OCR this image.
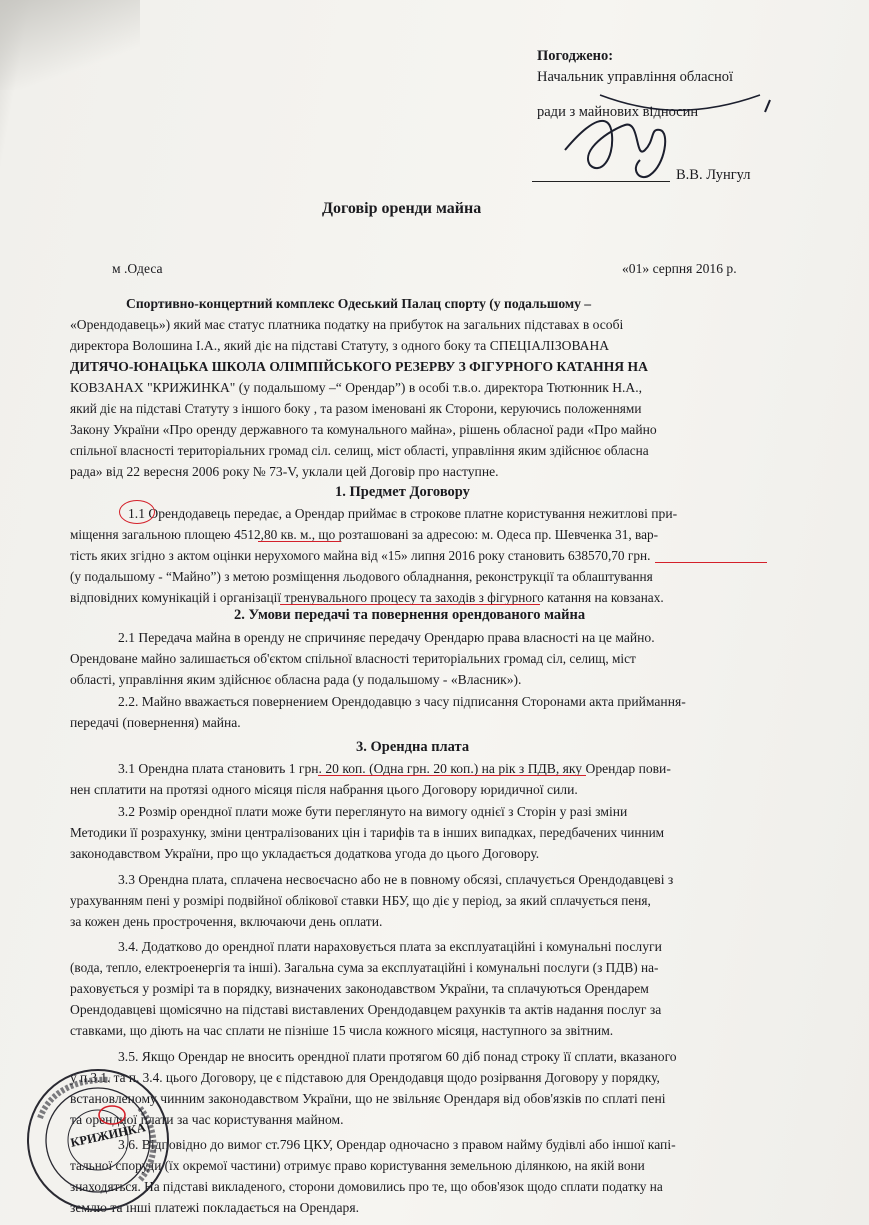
Погоджено:
Начальник управління обласної
ради з майнових відносин
В.В. Лунгул
Договір оренди майна
м .Одеса	«01» серпня 2016 р.
Спортивно-концертний комплекс Одеський Палац спорту (у подальшому –
«Орендодавець») який має статус платника податку на прибуток на загальних підставах в особі
директора Волошина І.А., який діє на підставі Статуту, з одного боку та СПЕЦІАЛІЗОВАНА
ДИТЯЧО-ЮНАЦЬКА ШКОЛА ОЛІМПІЙСЬКОГО РЕЗЕРВУ З ФІГУРНОГО КАТАННЯ НА
КОВЗАНАХ "КРИЖИНКА" (у подальшому –“ Орендар”) в особі т.в.о. директора Тютюнник Н.А.,
який діє на підставі Статуту з іншого боку , та разом іменовані як Сторони, керуючись положеннями
Закону України «Про оренду державного та комунального майна», рішень обласної ради «Про майно
спільної власності територіальних громад сіл. селищ, міст області, управління яким здійснює обласна
рада» від 22 вересня 2006 року № 73-V, уклали цей Договір про наступне.
1. Предмет Договору
1.1 Орендодавець передає, а Орендар приймає в строкове платне користування нежитлові при-
міщення загальною площею 4512,80 кв. м., що розташовані за адресою: м. Одеса пр. Шевченка 31, вар-
тість яких згідно з актом оцінки нерухомого майна від «15» липня 2016 року становить 638570,70 грн.
(у подальшому - “Майно”) з метою розміщення льодового обладнання, реконструкції та облаштування
відповідних комунікацій і організації тренувального процесу та заходів з фігурного катання на ковзанах.
2. Умови передачі та повернення орендованого майна
2.1 Передача майна в оренду не спричиняє передачу Орендарю права власності на це майно.
Орендоване майно залишається об'єктом спільної власності територіальних громад сіл, селищ, міст
області, управління яким здійснює обласна рада (у подальшому - «Власник»).
2.2. Майно вважається повернением Орендодавцю з часу підписання Сторонами акта приймання-
передачі (повернення) майна.
3. Орендна плата
3.1 Орендна плата становить 1 грн. 20 коп. (Одна грн. 20 коп.) на рік з ПДВ, яку Орендар пови-
нен сплатити на протязі одного місяця після набрання цього Договору юридичної сили.
3.2 Розмір орендної плати може бути переглянуто на вимогу однієї з Сторін у разі зміни
Методики її розрахунку, зміни централізованих цін і тарифів та в інших випадках, передбачених чинним
законодавством України, про що укладається додаткова угода до цього Договору.
3.3 Орендна плата, сплачена несвоєчасно або не в повному обсязі, сплачується Орендодавцеві з
урахуванням пені у розмірі подвійної облікової ставки НБУ, що діє у період, за який сплачується пеня,
за кожен день прострочення, включаючи день оплати.
3.4. Додатково до орендної плати нараховується плата за експлуатаційні і комунальні послуги
(вода, тепло, електроенергія та інші). Загальна сума за експлуатаційні і комунальні послуги (з ПДВ) на-
раховується у розмірі та в порядку, визначених законодавством України, та сплачуються Орендарем
Орендодавцеві щомісячно на підставі виставлених Орендодавцем рахунків та актів надання послуг за
ставками, що діють на час сплати не пізніше 15 числа кожного місяця, наступного за звітним.
3.5. Якщо Орендар не вносить орендної плати протягом 60 діб понад строку її сплати, вказаного
у п.3.1. та п. 3.4. цього Договору, це є підставою для Орендодавця щодо розірвання Договору у порядку,
встановленому чинним законодавством України, що не звільняє Орендаря від обов'язків по сплаті пені
та орендної плати за час користування майном.
3.6. Відповідно до вимог ст.796 ЦКУ, Орендар одночасно з правом найму будівлі або іншої капі-
тальної споруди (їх окремої частини) отримує право користування земельною ділянкою, на якій вони
знаходяться. На підставі викладеного, сторони домовились про те, що обов'язок щодо сплати податку на
землю та інші платежі покладається на Орендаря.
КРИЖИНКА
